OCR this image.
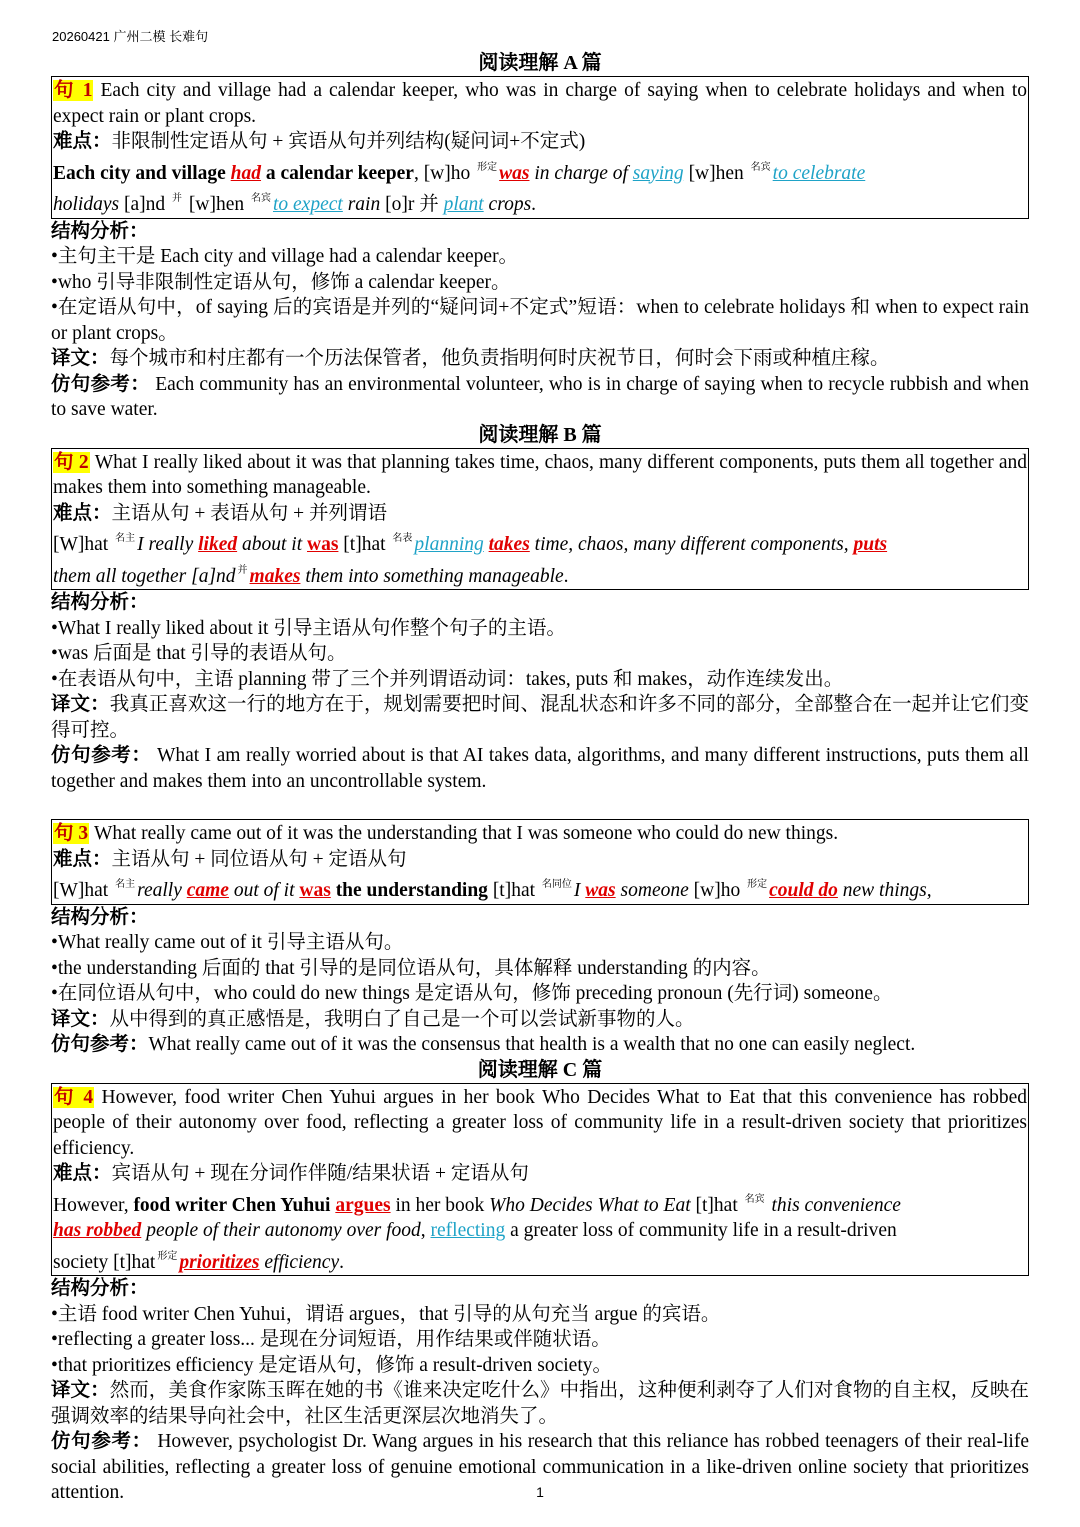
20260421 广州二模 长难句
阅读理解 A 篇
句 1 Each city and village had a calendar keeper, who was in charge of saying when to celebrate holidays and when to expect rain or plant crops.
难点：非限制性定语从句 + 宾语从句并列结构(疑问词+不定式)
Each city and village had a calendar keeper, [w]ho $^{形定}$ was in charge of saying [w]hen $^{名宾}$ to celebrate
holidays [a]nd $^并$ [w]hen $^{名宾}$ to expect rain [o]r 并 plant crops.
结构分析：
•主句主干是 Each city and village had a calendar keeper。
•who 引导非限制性定语从句，修饰 a calendar keeper。
•在定语从句中，of saying 后的宾语是并列的“疑问词+不定式”短语：when to celebrate holidays 和 when to expect rain or plant crops。
译文：每个城市和村庄都有一个历法保管者，他负责指明何时庆祝节日，何时会下雨或种植庄稼。
仿句参考： Each community has an environmental volunteer, who is in charge of saying when to recycle rubbish and when to save water.
阅读理解 B 篇
句 2 What I really liked about it was that planning takes time, chaos, many different components, puts them all together and makes them into something manageable.
难点：主语从句 + 表语从句 + 并列谓语
[W]hat $^{名主}$ I really liked about it was [t]hat $^{名表}$ planning takes time, chaos, many different components, puts
them all together [a]nd $^并$ makes them into something manageable.
结构分析：
•What I really liked about it 引导主语从句作整个句子的主语。
•was 后面是 that 引导的表语从句。
•在表语从句中，主语 planning 带了三个并列谓语动词：takes, puts 和 makes，动作连续发出。
译文：我真正喜欢这一行的地方在于，规划需要把时间、混乱状态和许多不同的部分，全部整合在一起并让它们变得可控。
仿句参考： What I am really worried about is that AI takes data, algorithms, and many different instructions, puts them all together and makes them into an uncontrollable system.
句 3 What really came out of it was the understanding that I was someone who could do new things.
难点：主语从句 + 同位语从句 + 定语从句
[W]hat $^{名主}$ really came out of it was the understanding [t]hat $^{名同位}$ I was someone [w]ho $^{形定}$ could do new things,
结构分析：
•What really came out of it 引导主语从句。
•the understanding 后面的 that 引导的是同位语从句，具体解释 understanding 的内容。
•在同位语从句中，who could do new things 是定语从句，修饰 preceding pronoun (先行词) someone。
译文：从中得到的真正感悟是，我明白了自己是一个可以尝试新事物的人。
仿句参考：What really came out of it was the consensus that health is a wealth that no one can easily neglect.
阅读理解 C 篇
句 4 However, food writer Chen Yuhui argues in her book Who Decides What to Eat that this convenience has robbed people of their autonomy over food, reflecting a greater loss of community life in a result-driven society that prioritizes efficiency.
难点：宾语从句 + 现在分词作伴随/结果状语 + 定语从句
However, food writer Chen Yuhui argues in her book Who Decides What to Eat [t]hat $^{名宾}$ this convenience
has robbed people of their autonomy over food, reflecting a greater loss of community life in a result-driven
society [t]hat $^{形定}$ prioritizes efficiency.
结构分析：
•主语 food writer Chen Yuhui，谓语 argues，that 引导的从句充当 argue 的宾语。
•reflecting a greater loss... 是现在分词短语，用作结果或伴随状语。
•that prioritizes efficiency 是定语从句，修饰 a result-driven society。
译文：然而，美食作家陈玉晖在她的书《谁来决定吃什么》中指出，这种便利剥夺了人们对食物的自主权，反映在强调效率的结果导向社会中，社区生活更深层次地消失了。
仿句参考： However, psychologist Dr. Wang argues in his research that this reliance has robbed teenagers of their real-life social abilities, reflecting a greater loss of genuine emotional communication in a like-driven online society that prioritizes attention.	1
